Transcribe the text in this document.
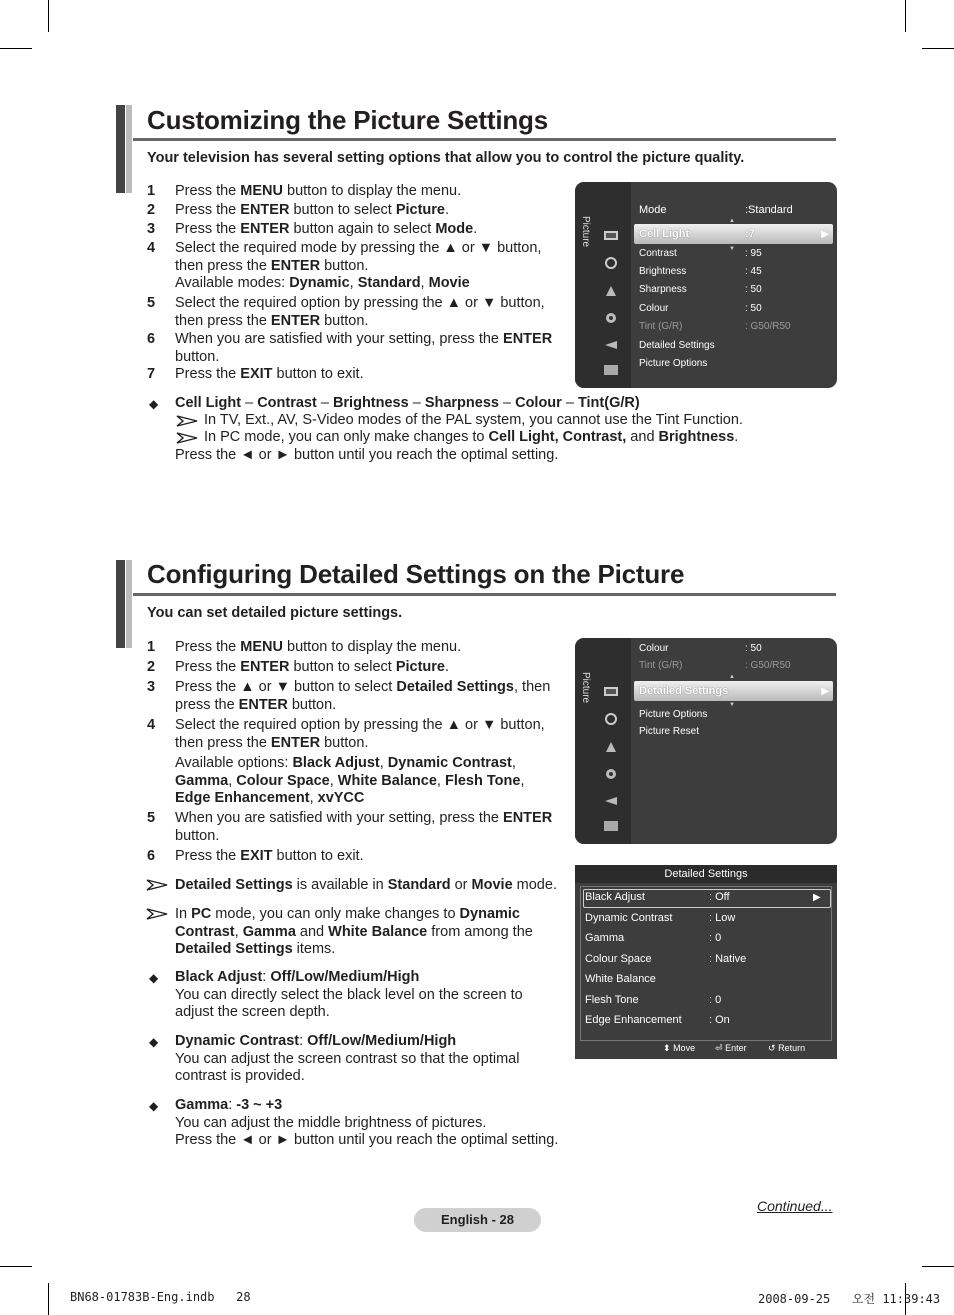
Customizing the Picture Settings
Your television has several setting options that allow you to control the picture quality.
1 Press the MENU button to display the menu.
2 Press the ENTER button to select Picture.
3 Press the ENTER button again to select Mode.
4 Select the required mode by pressing the ▲ or ▼ button,
then press the ENTER button.
Available modes: Dynamic, Standard, Movie
5 Select the required option by pressing the ▲ or ▼ button,
then press the ENTER button.
6 When you are satisfied with your setting, press the ENTER
button.
7 Press the EXIT button to exit.
Picture
Mode	:Standard
▲
Cell Light	:7	▶
▼
Contrast	: 95
Brightness	: 45
Sharpness	: 50
Colour	: 50
Tint (G/R)	: G50/R50
Detailed Settings
Picture Options
◆ Cell Light – Contrast – Brightness – Sharpness – Colour – Tint(G/R)
In TV, Ext., AV, S-Video modes of the PAL system, you cannot use the Tint Function.
In PC mode, you can only make changes to Cell Light, Contrast, and Brightness.
Press the ◄ or ► button until you reach the optimal setting.
Configuring Detailed Settings on the Picture
You can set detailed picture settings.
1 Press the MENU button to display the menu.
2 Press the ENTER button to select Picture.
3 Press the ▲ or ▼ button to select Detailed Settings, then
press the ENTER button.
4 Select the required option by pressing the ▲ or ▼ button,
then press the ENTER button.
Available options: Black Adjust, Dynamic Contrast,
Gamma, Colour Space, White Balance, Flesh Tone,
Edge Enhancement, xvYCC
5 When you are satisfied with your setting, press the ENTER
button.
6 Press the EXIT button to exit.
Detailed Settings is available in Standard or Movie mode.
In PC mode, you can only make changes to Dynamic Contrast, Gamma and White Balance from among the Detailed Settings items.
◆ Black Adjust: Off/Low/Medium/High
You can directly select the black level on the screen to
adjust the screen depth.
◆ Dynamic Contrast: Off/Low/Medium/High
You can adjust the screen contrast so that the optimal
contrast is provided.
◆ Gamma: -3 ~ +3
You can adjust the middle brightness of pictures.
Press the ◄ or ► button until you reach the optimal setting.
Picture
Colour	: 50
Tint (G/R)	: G50/R50
▲
Detailed Settings	▶
▼
Picture Options
Picture Reset
Detailed Settings
Black Adjust	: Off	▶
Dynamic Contrast	: Low
Gamma	: 0
Colour Space	: Native
White Balance
Flesh Tone	: 0
Edge Enhancement : On
⬍ Move ⏎ Enter ↺ Return
Continued...
English - 28
BN68-01783B-Eng.indb   28	2008-09-25   오전 11:39:43
